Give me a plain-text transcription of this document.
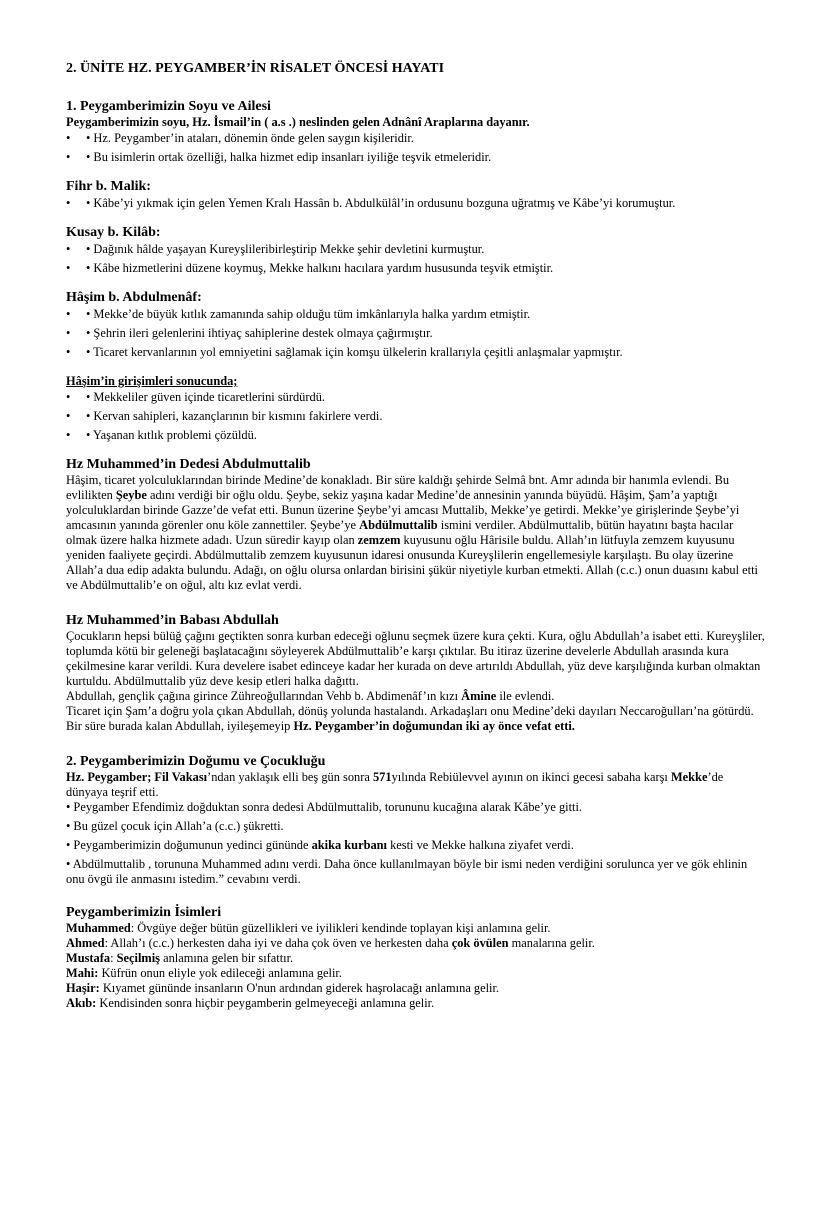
2. ÜNİTE HZ. PEYGAMBER’İN RİSALET ÖNCESİ HAYATI
1. Peygamberimizin Soyu ve Ailesi

Peygamberimizin soyu, Hz. İsmail’in ( a.s .) neslinden gelen Adnânî Araplarına dayanır.

• • Hz. Peygamber’in ataları, dönemin önde gelen saygın kişileridir.
• • Bu isimlerin ortak özelliği, halka hizmet edip insanları iyiliğe teşvik etmeleridir.
Fihr b. Malik:
• • Kâbe’yi yıkmak için gelen Yemen Kralı Hassân b. Abdulkülâl’in ordusunu bozguna uğratmış ve Kâbe’yi korumuştur.
Kusay b. Kilâb:
• • Dağınık hâlde yaşayan Kureyşlileribirleştirip Mekke şehir devletini kurmuştur.
• • Kâbe hizmetlerini düzene koymuş, Mekke halkını hacılara yardım hususunda teşvik etmiştir.
Hâşim b. Abdulmenâf:
• • Mekke’de büyük kıtlık zamanında sahip olduğu tüm imkânlarıyla halka yardım etmiştir.
• • Şehrin ileri gelenlerini ihtiyaç sahiplerine destek olmaya çağırmıştır.
• • Ticaret kervanlarının yol emniyetini sağlamak için komşu ülkelerin krallarıyla çeşitli anlaşmalar yapmıştır.

Hâşim’in girişimleri sonucunda;

• • Mekkeliler güven içinde ticaretlerini sürdürdü.
• • Kervan sahipleri, kazançlarının bir kısmını fakirlere verdi.
• • Yaşanan kıtlık problemi çözüldü.
Hz Muhammed’in Dedesi Abdulmuttalib

Hâşim, ticaret yolculuklarından birinde Medine’de konakladı. Bir süre kaldığı şehirde Selmâ bnt. Amr adında bir hanımla evlendi. Bu evlilikten Şeybe adını verdiği bir oğlu oldu. Şeybe, sekiz yaşına kadar Medine’de annesinin yanında büyüdü. Hâşim, Şam’a yaptığı yolculuklardan birinde Gazze’de vefat etti. Bunun üzerine Şeybe’yi amcası Muttalib, Mekke’ye getirdi. Mekke’ye girişlerinde Şeybe’yi amcasının yanında görenler onu köle zannettiler. Şeybe’ye Abdülmuttalib ismini verdiler. Abdülmuttalib, bütün hayatını başta hacılar olmak üzere halka hizmete adadı. Uzun süredir kayıp olan zemzem kuyusunu oğlu Hârisile buldu. Allah’ın lütfuyla zemzem kuyusunu yeniden faaliyete geçirdi. Abdülmuttalib zemzem kuyusunun idaresi onusunda Kureyşlilerin engellemesiyle karşılaştı. Bu olay üzerine Allah’a dua edip adakta bulundu. Adağı, on oğlu olursa onlardan birisini şükür niyetiyle kurban etmekti. Allah (c.c.) onun duasını kabul etti ve Abdülmuttalib’e on oğul, altı kız evlat verdi.

Hz Muhammed’in Babası Abdullah

Çocukların hepsi bülüğ çağını geçtikten sonra kurban edeceği oğlunu seçmek üzere kura çekti. Kura, oğlu Abdullah’a isabet etti. Kureyşliler, toplumda kötü bir geleneği başlatacağını söyleyerek Abdülmuttalib’e karşı çıktılar. Bu itiraz üzerine develerle Abdullah arasında kura çekilmesine karar verildi. Kura develere isabet edinceye kadar her kurada on deve artırıldı Abdullah, yüz deve karşılığında kurban olmaktan kurtuldu. Abdülmuttalib yüz deve kesip etleri halka dağıttı.

Abdullah, gençlik çağına girince Zühreoğullarından Vehb b. Abdimenâf’ın kızı Âmine ile evlendi.

Ticaret için Şam’a doğru yola çıkan Abdullah, dönüş yolunda hastalandı. Arkadaşları onu Medine’deki dayıları Neccaroğulları’na götürdü. Bir süre burada kalan Abdullah, iyileşemeyip Hz. Peygamber’in doğumundan iki ay önce vefat etti.

2. Peygamberimizin Doğumu ve Çocukluğu

Hz. Peygamber; Fil Vakası’ndan yaklaşık elli beş gün sonra 571yılında Rebiülevvel ayının on ikinci gecesi sabaha karşı Mekke’de dünyaya teşrif etti.

• Peygamber Efendimiz doğduktan sonra dedesi Abdülmuttalib, torununu kucağına alarak Kâbe’ye gitti.

• Bu güzel çocuk için Allah’a (c.c.) şükretti.

• Peygamberimizin doğumunun yedinci gününde akika kurbanı kesti ve Mekke halkına ziyafet verdi.

• Abdülmuttalib , torununa Muhammed adını verdi. Daha önce kullanılmayan böyle bir ismi neden verdiğini sorulunca yer ve gök ehlinin onu övgü ile anmasını istedim.” cevabını verdi.

Peygamberimizin İsimleri

Muhammed: Övgüye değer bütün güzellikleri ve iyilikleri kendinde toplayan kişi anlamına gelir.

Ahmed: Allah’ı (c.c.) herkesten daha iyi ve daha çok öven ve herkesten daha çok övülen manalarına gelir.

Mustafa: Seçilmiş anlamına gelen bir sıfattır.

Mahi: Küfrün onun eliyle yok edileceği anlamına gelir.

Haşir: Kıyamet gününde insanların O'nun ardından giderek haşrolacağı anlamına gelir.

Akıb: Kendisinden sonra hiçbir peygamberin gelmeyeceği anlamına gelir.
